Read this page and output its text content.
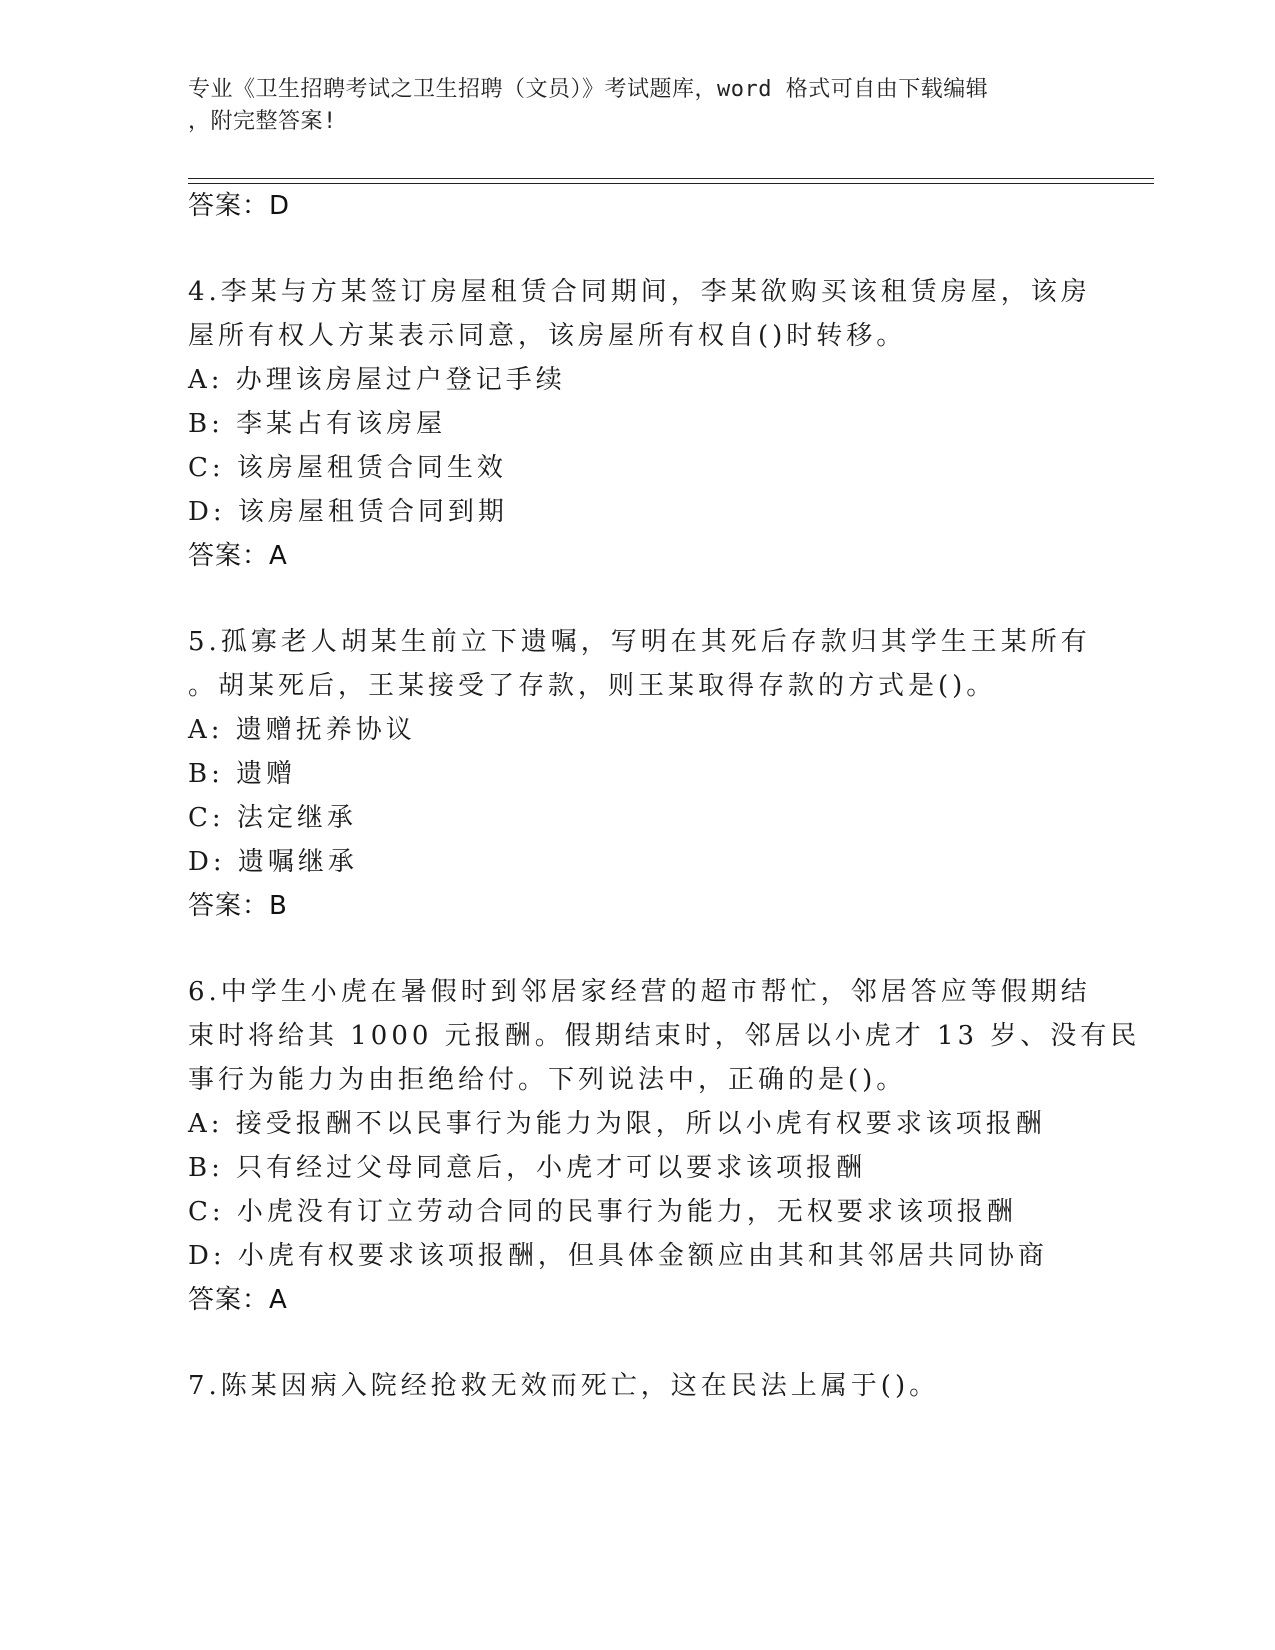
专业《卫生招聘考试之卫生招聘（文员）》考试题库，word 格式可自由下载编辑
，附完整答案!
答案：D
4.李某与方某签订房屋租赁合同期间，李某欲购买该租赁房屋，该房
屋所有权人方某表示同意，该房屋所有权自()时转移。
A: 办理该房屋过户登记手续
B: 李某占有该房屋
C: 该房屋租赁合同生效
D: 该房屋租赁合同到期
答案：A
5.孤寡老人胡某生前立下遗嘱，写明在其死后存款归其学生王某所有
。胡某死后，王某接受了存款，则王某取得存款的方式是()。
A: 遗赠抚养协议
B: 遗赠
C: 法定继承
D: 遗嘱继承
答案：B
6.中学生小虎在暑假时到邻居家经营的超市帮忙，邻居答应等假期结
束时将给其 1000 元报酬。假期结束时，邻居以小虎才 13 岁、没有民
事行为能力为由拒绝给付。下列说法中，正确的是()。
A: 接受报酬不以民事行为能力为限，所以小虎有权要求该项报酬
B: 只有经过父母同意后，小虎才可以要求该项报酬
C: 小虎没有订立劳动合同的民事行为能力，无权要求该项报酬
D: 小虎有权要求该项报酬，但具体金额应由其和其邻居共同协商
答案：A
7.陈某因病入院经抢救无效而死亡，这在民法上属于()。
